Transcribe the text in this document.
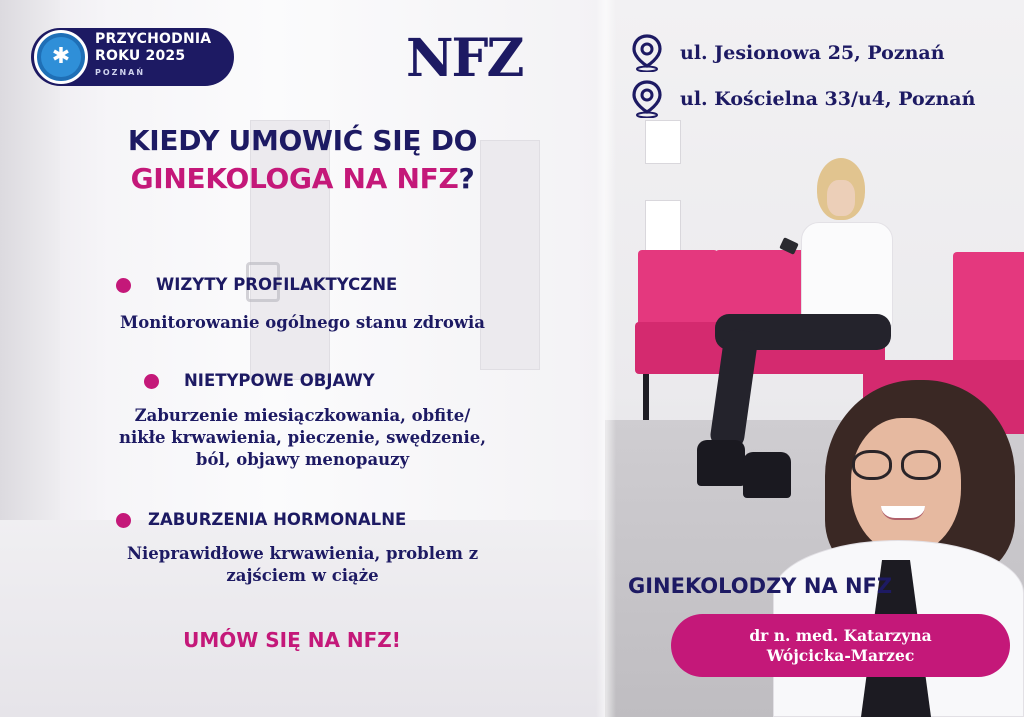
✱
PRZYCHODNIA
ROKU 2025
POZNAŃ	NFZ	ul. Jesionowa 25, Poznań
ul. Kościelna 33/u4, Poznań
KIEDY UMOWIĆ SIĘ DO
GINEKOLOGA NA NFZ?
WIZYTY PROFILAKTYCZNE
Monitorowanie ogólnego stanu zdrowia
NIETYPOWE OBJAWY
Zaburzenie miesiączkowania, obfite/
nikłe krwawienia, pieczenie, swędzenie,
ból, objawy menopauzy
ZABURZENIA HORMONALNE
Nieprawidłowe krwawienia, problem z
zajściem w ciąże
UMÓW SIĘ NA NFZ!
GINEKOLODZY NA NFZ
dr n. med. Katarzyna
Wójcicka-Marzec
